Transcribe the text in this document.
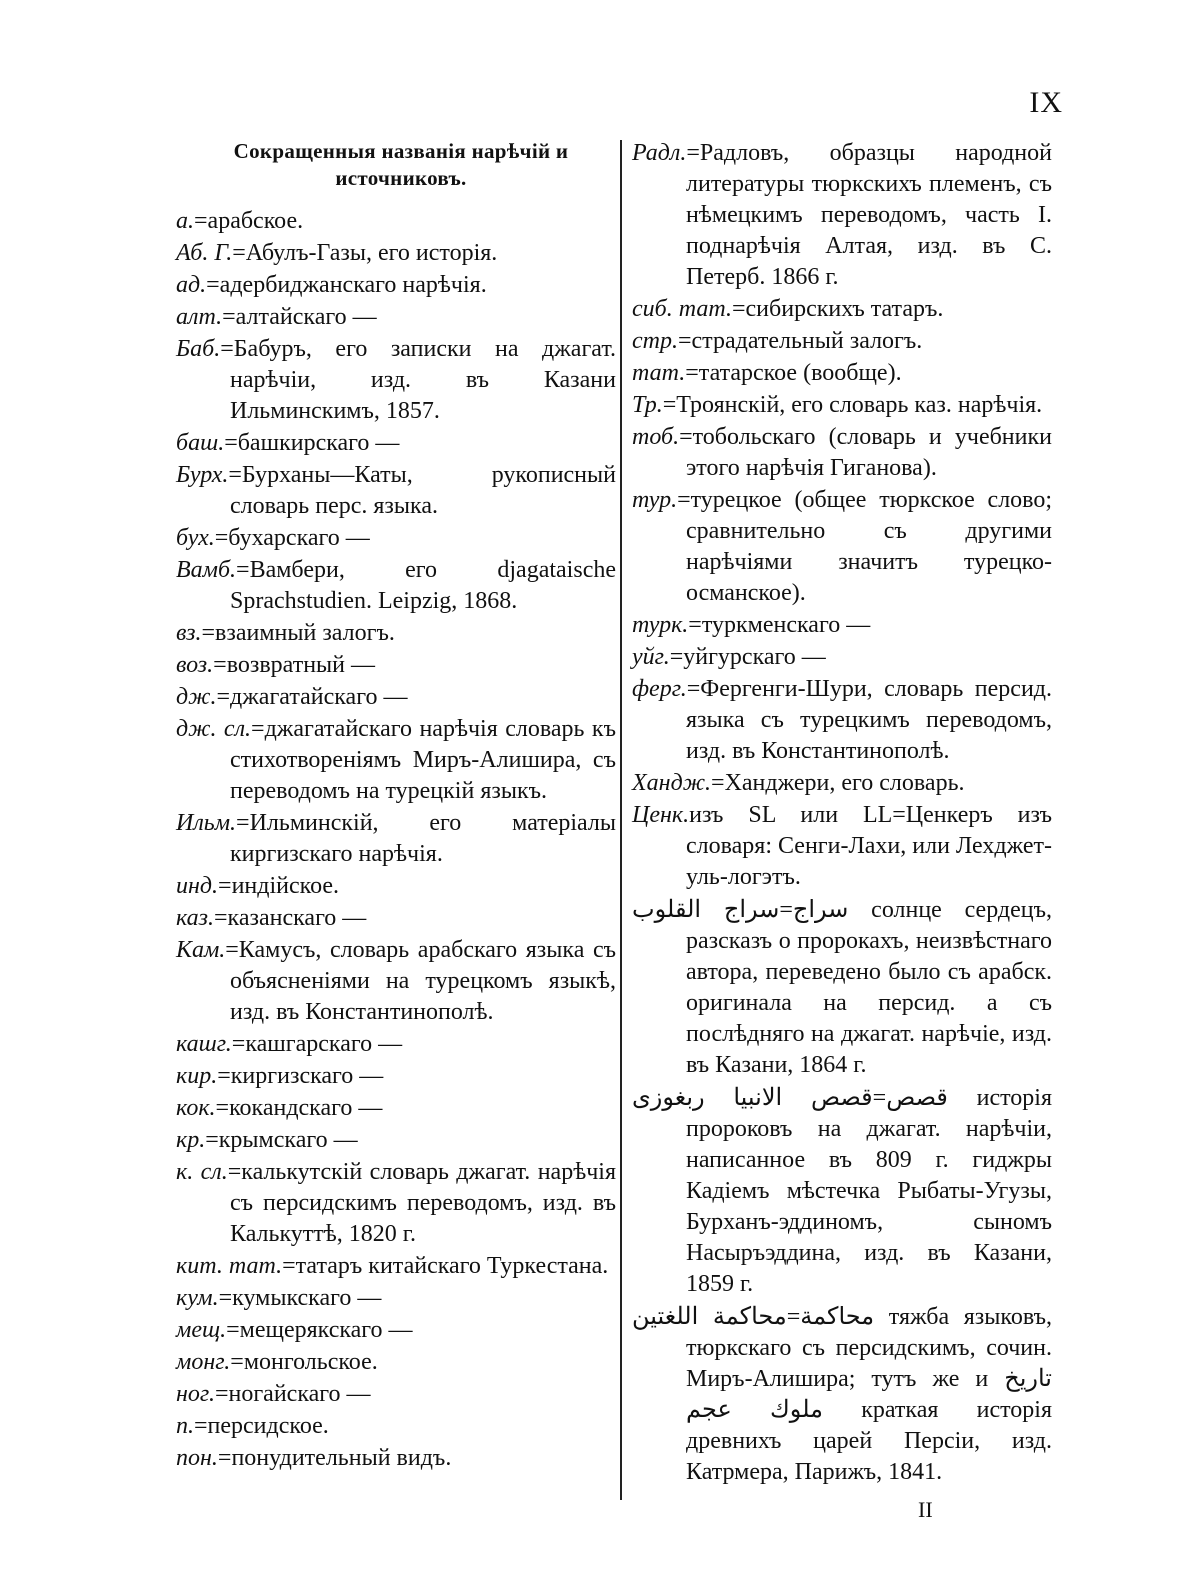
IX
Сокращенныя названія нарѣчій и источниковъ.
а.=арабское.
Аб. Г.=Абулъ-Газы, его исторія.
ад.=адербиджанскаго нарѣчія.
алт.=алтайскаго —
Баб.=Бабуръ, его записки на джагат. нарѣчіи, изд. въ Казани Ильминскимъ, 1857.
баш.=башкирскаго —
Бурх.=Бурханы—Каты, рукописный словарь перс. языка.
бух.=бухарскаго —
Вамб.=Вамбери, его djagataische Sprachstudien. Leipzig, 1868.
вз.=взаимный залогъ.
воз.=возвратный —
дж.=джагатайскаго —
дж. сл.=джагатайскаго нарѣчія словарь къ стихотвореніямъ Миръ-Алишира, съ переводомъ на турецкій языкъ.
Ильм.=Ильминскій, его матеріалы киргизскаго нарѣчія.
инд.=индійское.
каз.=казанскаго —
Кам.=Камусъ, словарь арабскаго языка съ объясненіями на турецкомъ языкѣ, изд. въ Константинополѣ.
кашг.=кашгарскаго —
кир.=киргизскаго —
кок.=кокандскаго —
кр.=крымскаго —
к. сл.=калькутскій словарь джагат. нарѣчія съ персидскимъ переводомъ, изд. въ Калькуттѣ, 1820 г.
кит. тат.=татаръ китайскаго Туркестана.
кум.=кумыкскаго —
мещ.=мещерякскаго —
монг.=монгольское.
ног.=ногайскаго —
п.=персидское.
пон.=понудительный видъ.
Радл.=Радловъ, образцы народной литературы тюркскихъ племенъ, съ нѣмецкимъ переводомъ, часть I. поднарѣчія Алтая, изд. въ С. Петерб. 1866 г.
сиб. тат.=сибирскихъ татаръ.
стр.=страдательный залогъ.
тат.=татарское (вообще).
Тр.=Троянскій, его словарь каз. нарѣчія.
тоб.=тобольскаго (словарь и учебники этого нарѣчія Гиганова).
тур.=турецкое (общее тюркское слово; сравнительно съ другими нарѣчіями значитъ турецко-османское).
турк.=туркменскаго —
уйг.=уйгурскаго —
ферг.=Фергенги-Шури, словарь персид. языка съ турецкимъ переводомъ, изд. въ Константинополѣ.
Хандж.=Ханджери, его словарь.
Ценк.изъ SL или LL=Ценкеръ изъ словаря: Сенги-Лахи, или Лехджет-уль-логэтъ.
سراج=سراج القلوب солнце сердецъ, разсказъ о пророкахъ, неизвѣстнаго автора, переведено было съ арабск. оригинала на персид. а съ послѣдняго на джагат. нарѣчіе, изд. въ Казани, 1864 г.
قصص=قصص الانبیا ربغوزی исторія пророковъ на джагат. нарѣчіи, написанное въ 809 г. гиджры Кадіемъ мѣстечка Рыбаты-Угузы, Бурханъ-эддиномъ, сыномъ Насыръэддина, изд. въ Казани, 1859 г.
محاکمة=محاکمة اللغتین тяжба языковъ, тюркскаго съ персидскимъ, сочин. Миръ-Алишира; тутъ же и تاریخ ملوك عجم краткая исторія древнихъ царей Персіи, изд. Катрмера, Парижъ, 1841.
II
